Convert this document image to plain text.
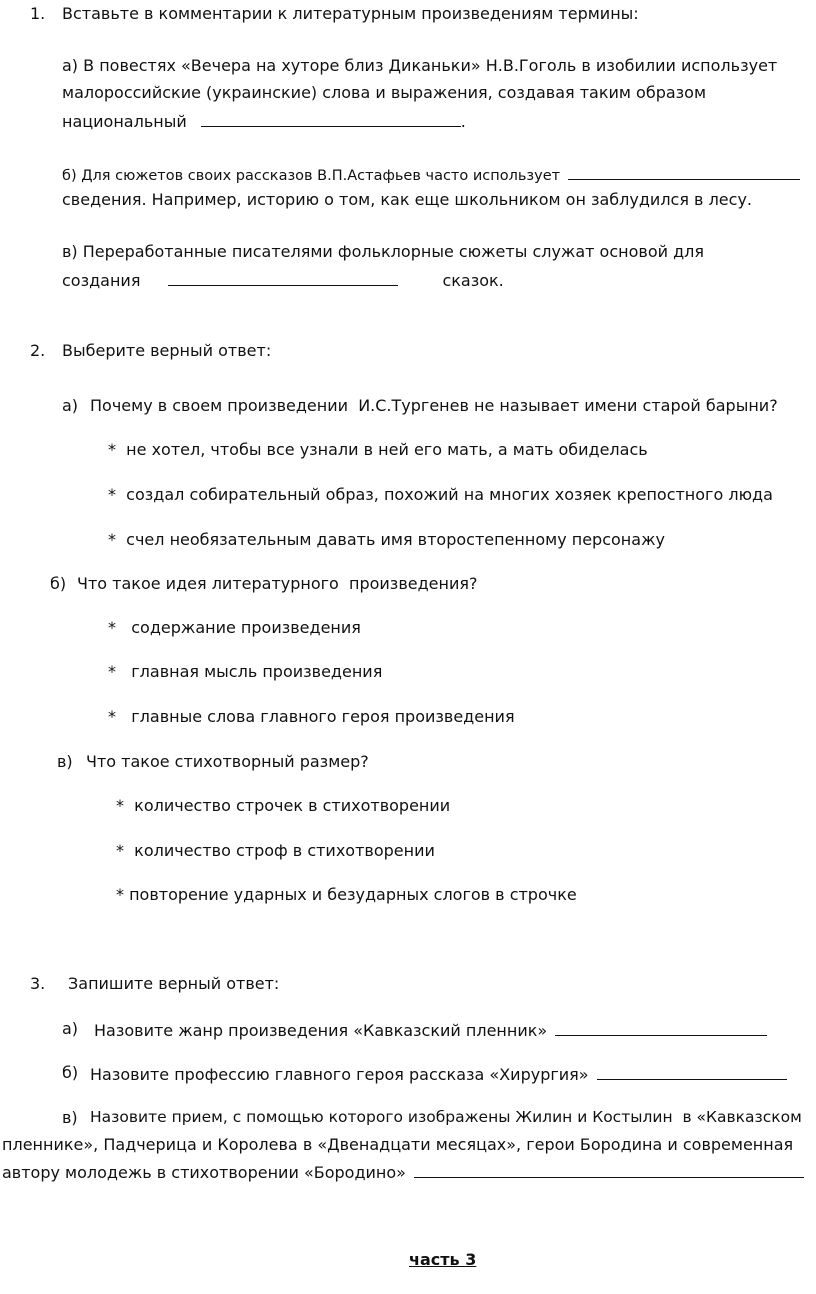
1. Вставьте в комментарии к литературным произведениям термины:
а) В повестях «Вечера на хуторе близ Диканьки» Н.В.Гоголь в изобилии использует
малороссийские (украинские) слова и выражения, создавая таким образом
национальный	.
б) Для сюжетов своих рассказов В.П.Астафьев часто использует
сведения. Например, историю о том, как еще школьником он заблудился в лесу.
в) Переработанные писателями фольклорные сюжеты служат основой для
создания	сказок.
2. Выберите верный ответ:
а) Почему в своем произведении  И.С.Тургенев не называет имени старой барыни?
*  не хотел, чтобы все узнали в ней его мать, а мать обиделась
*  создал собирательный образ, похожий на многих хозяек крепостного люда
*  счел необязательным давать имя второстепенному персонажу
б) Что такое идея литературного  произведения?
*   содержание произведения
*   главная мысль произведения
*   главные слова главного героя произведения
в) Что такое стихотворный размер?
*  количество строчек в стихотворении
*  количество строф в стихотворении
* повторение ударных и безударных слогов в строчке
3. Запишите верный ответ:
а) Назовите жанр произведения «Кавказский пленник»
б) Назовите профессию главного героя рассказа «Хирургия»
в) Назовите прием, с помощью которого изображены Жилин и Костылин  в «Кавказском
пленнике», Падчерица и Королева в «Двенадцати месяцах», герои Бородина и современная
автору молодежь в стихотворении «Бородино»
часть 3
